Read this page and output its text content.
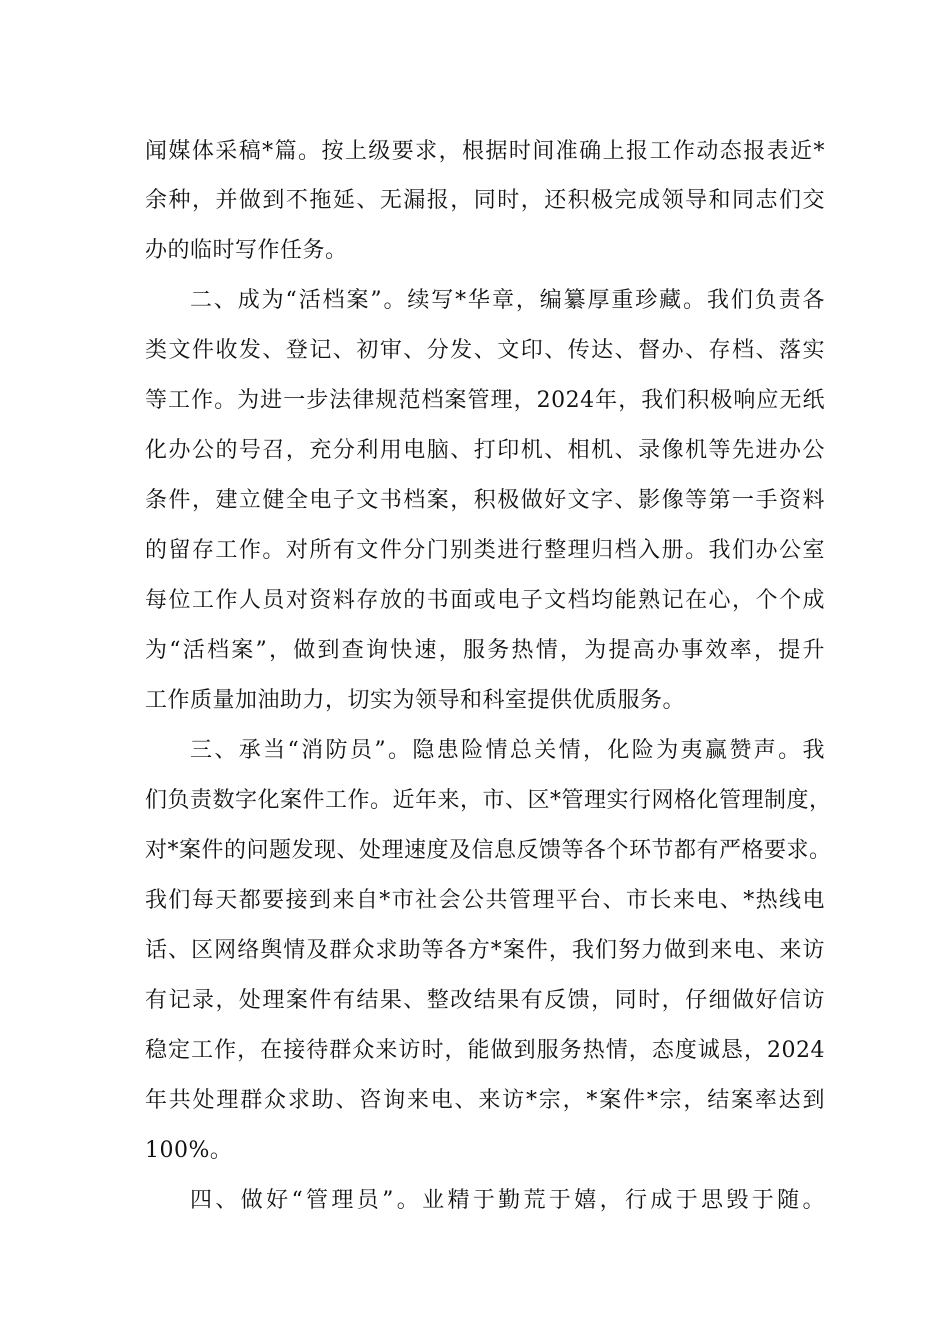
闻媒体采稿*篇。按上级要求，根据时间准确上报工作动态报表近*
余种，并做到不拖延、无漏报，同时，还积极完成领导和同志们交
办的临时写作任务。
二、成为“活档案”。续写*华章，编纂厚重珍藏。我们负责各
类文件收发、登记、初审、分发、文印、传达、督办、存档、落实
等工作。为进一步法律规范档案管理，2024年，我们积极响应无纸
化办公的号召，充分利用电脑、打印机、相机、录像机等先进办公
条件，建立健全电子文书档案，积极做好文字、影像等第一手资料
的留存工作。对所有文件分门别类进行整理归档入册。我们办公室
每位工作人员对资料存放的书面或电子文档均能熟记在心，个个成
为“活档案”，做到查询快速，服务热情，为提高办事效率，提升
工作质量加油助力，切实为领导和科室提供优质服务。
三、承当“消防员”。隐患险情总关情，化险为夷赢赞声。我
们负责数字化案件工作。近年来，市、区*管理实行网格化管理制度，
对*案件的问题发现、处理速度及信息反馈等各个环节都有严格要求。
我们每天都要接到来自*市社会公共管理平台、市长来电、*热线电
话、区网络舆情及群众求助等各方*案件，我们努力做到来电、来访
有记录，处理案件有结果、整改结果有反馈，同时，仔细做好信访
稳定工作，在接待群众来访时，能做到服务热情，态度诚恳，2024
年共处理群众求助、咨询来电、来访*宗，*案件*宗，结案率达到
100%。
四、做好“管理员”。业精于勤荒于嬉，行成于思毁于随。
